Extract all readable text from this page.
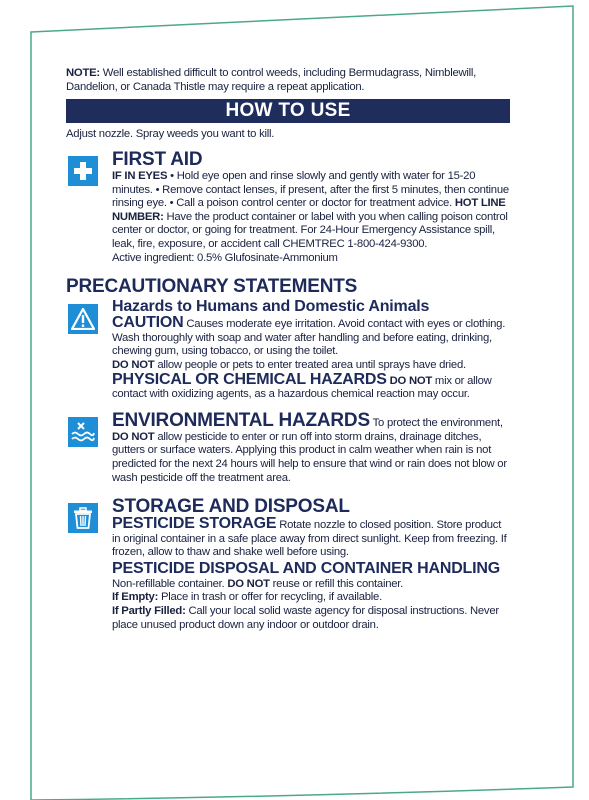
NOTE: Well established difficult to control weeds, including Bermudagrass, Nimblewill, Dandelion, or Canada Thistle may require a repeat application.

HOW TO USE

Adjust nozzle. Spray weeds you want to kill.

FIRST AID

IF IN EYES • Hold eye open and rinse slowly and gently with water for 15-20 minutes. • Remove contact lenses, if present, after the first 5 minutes, then continue rinsing eye. • Call a poison control center or doctor for treatment advice. HOT LINE NUMBER: Have the product container or label with you when calling poison control center or doctor, or going for treatment. For 24-Hour Emergency Assistance spill, leak, fire, exposure, or accident call CHEMTREC 1-800-424-9300.

Active ingredient: 0.5% Glufosinate-Ammonium

PRECAUTIONARY STATEMENTS
Hazards to Humans and Domestic Animals

CAUTION Causes moderate eye irritation. Avoid contact with eyes or clothing. Wash thoroughly with soap and water after handling and before eating, drinking, chewing gum, using tobacco, or using the toilet.

DO NOT allow people or pets to enter treated area until sprays have dried.

PHYSICAL OR CHEMICAL HAZARDS DO NOT mix or allow contact with oxidizing agents, as a hazardous chemical reaction may occur.

ENVIRONMENTAL HAZARDS To protect the environment, DO NOT allow pesticide to enter or run off into storm drains, drainage ditches, gutters or surface waters. Applying this product in calm weather when rain is not predicted for the next 24 hours will help to ensure that wind or rain does not blow or wash pesticide off the treatment area.

STORAGE AND DISPOSAL

PESTICIDE STORAGE Rotate nozzle to closed position. Store product in original container in a safe place away from direct sunlight. Keep from freezing. If frozen, allow to thaw and shake well before using.

PESTICIDE DISPOSAL AND CONTAINER HANDLING

Non-refillable container. DO NOT reuse or refill this container.

If Empty: Place in trash or offer for recycling, if available.

If Partly Filled: Call your local solid waste agency for disposal instructions. Never place unused product down any indoor or outdoor drain.
